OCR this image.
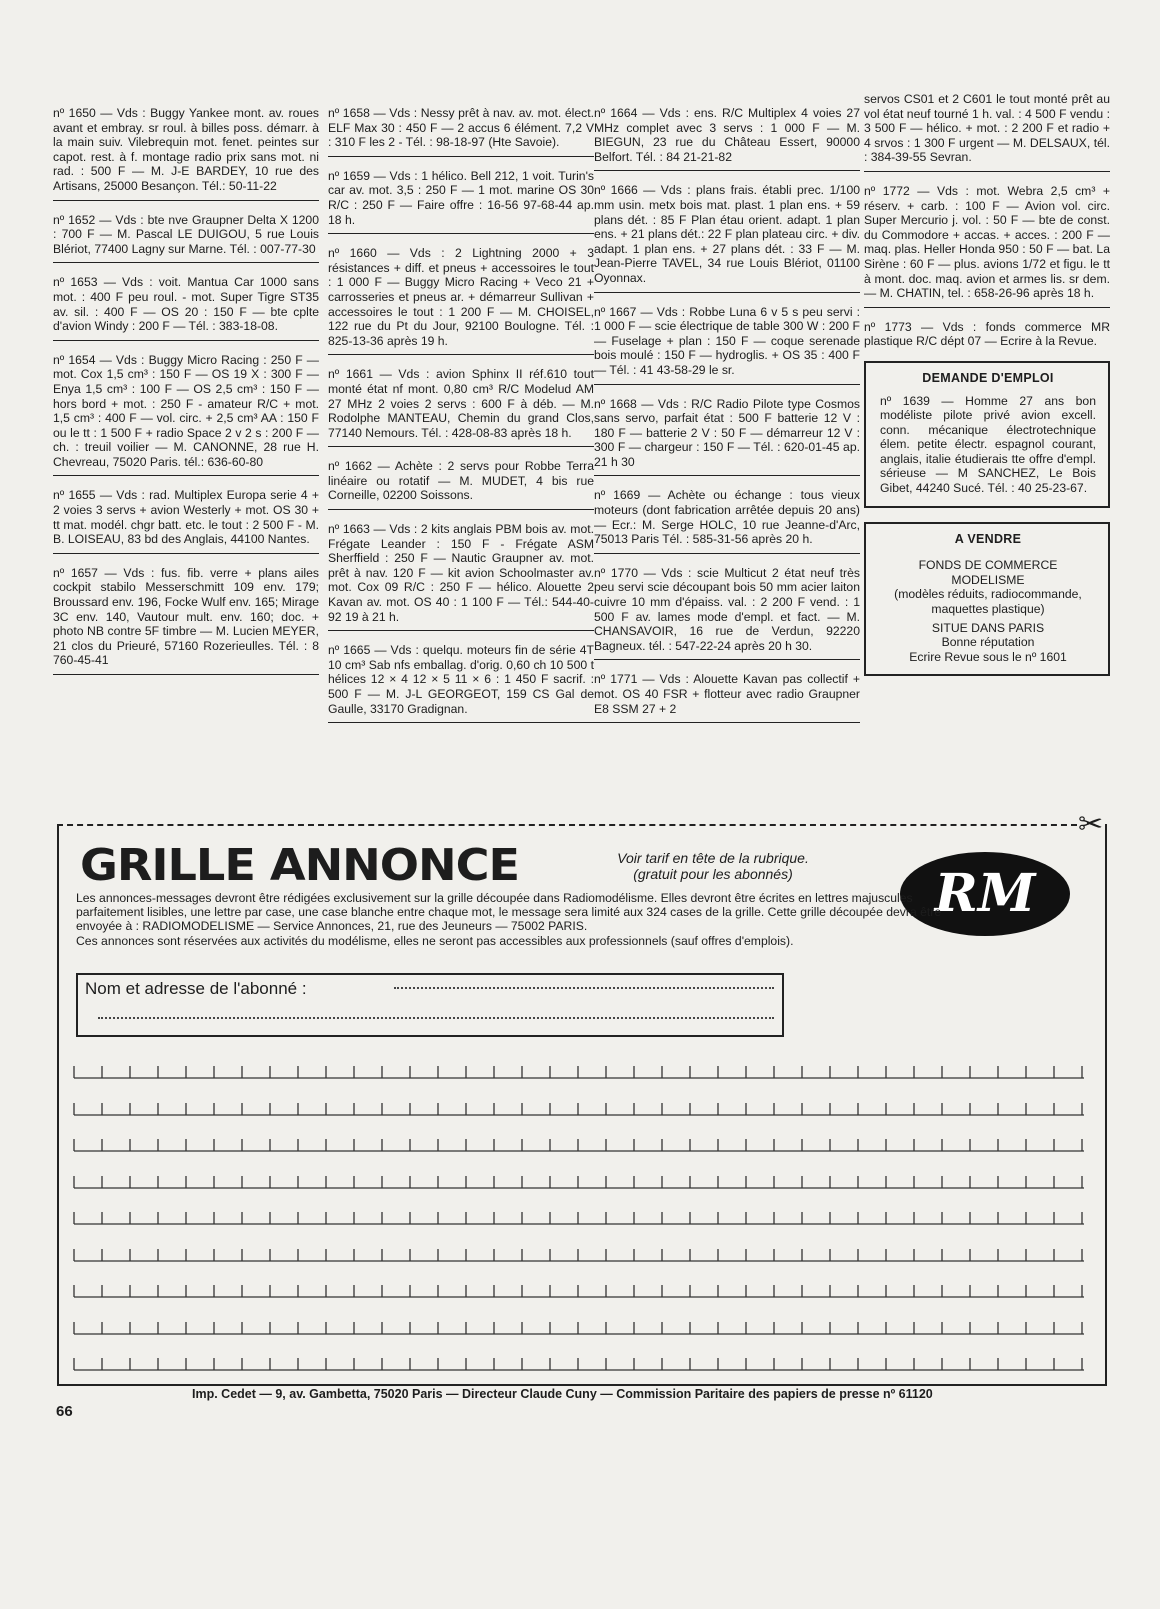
nº 1650 — Vds : Buggy Yankee mont. av. roues avant et embray. sr roul. à billes poss. démarr. à la main suiv. Vilebrequin mot. fenet. peintes sur capot. rest. à f. montage radio prix sans mot. ni rad. : 500 F — M. J-E BARDEY, 10 rue des Artisans, 25000 Besançon. Tél.: 50-11-22
nº 1652 — Vds : bte nve Graupner Delta X 1200 : 700 F — M. Pascal LE DUIGOU, 5 rue Louis Blériot, 77400 Lagny sur Marne. Tél. : 007-77-30
nº 1653 — Vds : voit. Mantua Car 1000 sans mot. : 400 F peu roul. - mot. Super Tigre ST35 av. sil. : 400 F — OS 20 : 150 F — bte cplte d'avion Windy : 200 F — Tél. : 383-18-08.
nº 1654 — Vds : Buggy Micro Racing : 250 F — mot. Cox 1,5 cm³ : 150 F — OS 19 X : 300 F — Enya 1,5 cm³ : 100 F — OS 2,5 cm³ : 150 F — hors bord + mot. : 250 F - amateur R/C + mot. 1,5 cm³ : 400 F — vol. circ. + 2,5 cm³ AA : 150 F ou le tt : 1 500 F + radio Space 2 v 2 s : 200 F — ch. : treuil voilier — M. CANONNE, 28 rue H. Chevreau, 75020 Paris. tél.: 636-60-80
nº 1655 — Vds : rad. Multiplex Europa serie 4 + 2 voies 3 servs + avion Westerly + mot. OS 30 + tt mat. modél. chgr batt. etc. le tout : 2 500 F - M. B. LOISEAU, 83 bd des Anglais, 44100 Nantes.
nº 1657 — Vds : fus. fib. verre + plans ailes cockpit stabilo Messerschmitt 109 env. 179; Broussard env. 196, Focke Wulf env. 165; Mirage 3C env. 140, Vautour mult. env. 160; doc. + photo NB contre 5F timbre — M. Lucien MEYER, 21 clos du Prieuré, 57160 Rozerieulles. Tél. : 8 760-45-41
nº 1658 — Vds : Nessy prêt à nav. av. mot. élect. ELF Max 30 : 450 F — 2 accus 6 élément. 7,2 V : 310 F les 2 - Tél. : 98-18-97 (Hte Savoie).
nº 1659 — Vds : 1 hélico. Bell 212, 1 voit. Turin's car av. mot. 3,5 : 250 F — 1 mot. marine OS 30 R/C : 250 F — Faire offre : 16-56 97-68-44 ap. 18 h.
nº 1660 — Vds : 2 Lightning 2000 + 3 résistances + diff. et pneus + accessoires le tout : 1 000 F — Buggy Micro Racing + Veco 21 + carrosseries et pneus ar. + démarreur Sullivan + accessoires le tout : 1 200 F — M. CHOISEL, 122 rue du Pt du Jour, 92100 Boulogne. Tél. : 825-13-36 après 19 h.
nº 1661 — Vds : avion Sphinx II réf.610 tout monté état nf mont. 0,80 cm³ R/C Modelud AM 27 MHz 2 voies 2 servs : 600 F à déb. — M. Rodolphe MANTEAU, Chemin du grand Clos, 77140 Nemours. Tél. : 428-08-83 après 18 h.
nº 1662 — Achète : 2 servs pour Robbe Terra linéaire ou rotatif — M. MUDET, 4 bis rue Corneille, 02200 Soissons.
nº 1663 — Vds : 2 kits anglais PBM bois av. mot. Frégate Leander : 150 F - Frégate ASM Sherffield : 250 F — Nautic Graupner av. mot. prêt à nav. 120 F — kit avion Schoolmaster av. mot. Cox 09 R/C : 250 F — hélico. Alouette 2 Kavan av. mot. OS 40 : 1 100 F — Tél.: 544-40-92 19 à 21 h.
nº 1665 — Vds : quelqu. moteurs fin de série 4T 10 cm³ Sab nfs emballag. d'orig. 0,60 ch 10 500 t hélices 12 × 4 12 × 5 11 × 6 : 1 450 F sacrif. : 500 F — M. J-L GEORGEOT, 159 CS Gal de Gaulle, 33170 Gradignan.
nº 1664 — Vds : ens. R/C Multiplex 4 voies 27 MHz complet avec 3 servs : 1 000 F — M. BIEGUN, 23 rue du Château Essert, 90000 Belfort. Tél. : 84 21-21-82
nº 1666 — Vds : plans frais. établi prec. 1/100 mm usin. metx bois mat. plast. 1 plan ens. + 59 plans dét. : 85 F Plan étau orient. adapt. 1 plan ens. + 21 plans dét.: 22 F plan plateau circ. + div. adapt. 1 plan ens. + 27 plans dét. : 33 F — M. Jean-Pierre TAVEL, 34 rue Louis Blériot, 01100 Oyonnax.
nº 1667 — Vds : Robbe Luna 6 v 5 s peu servi : 1 000 F — scie électrique de table 300 W : 200 F — Fuselage + plan : 150 F — coque serenade bois moulé : 150 F — hydroglis. + OS 35 : 400 F — Tél. : 41 43-58-29 le sr.
nº 1668 — Vds : R/C Radio Pilote type Cosmos sans servo, parfait état : 500 F batterie 12 V : 180 F — batterie 2 V : 50 F — démarreur 12 V : 300 F — chargeur : 150 F — Tél. : 620-01-45 ap. 21 h 30
nº 1669 — Achète ou échange : tous vieux moteurs (dont fabrication arrêtée depuis 20 ans) — Ecr.: M. Serge HOLC, 10 rue Jeanne-d'Arc, 75013 Paris Tél. : 585-31-56 après 20 h.
nº 1770 — Vds : scie Multicut 2 état neuf très peu servi scie découpant bois 50 mm acier laiton cuivre 10 mm d'épaiss. val. : 2 200 F vend. : 1 500 F av. lames mode d'empl. et fact. — M. CHANSAVOIR, 16 rue de Verdun, 92220 Bagneux. tél. : 547-22-24 après 20 h 30.
nº 1771 — Vds : Alouette Kavan pas collectif + mot. OS 40 FSR + flotteur avec radio Graupner E8 SSM 27 + 2
servos CS01 et 2 C601 le tout monté prêt au vol état neuf tourné 1 h. val. : 4 500 F vendu : 3 500 F — hélico. + mot. : 2 200 F et radio + 4 srvos : 1 300 F urgent — M. DELSAUX, tél. : 384-39-55 Sevran.
nº 1772 — Vds : mot. Webra 2,5 cm³ + réserv. + carb. : 100 F — Avion vol. circ. Super Mercurio j. vol. : 50 F — bte de const. du Commodore + accas. + acces. : 200 F — maq. plas. Heller Honda 950 : 50 F — bat. La Sirène : 60 F — plus. avions 1/72 et figu. le tt à mont. doc. maq. avion et armes lis. sr dem. — M. CHATIN, tel. : 658-26-96 après 18 h.
nº 1773 — Vds : fonds commerce MR plastique R/C dépt 07 — Ecrire à la Revue.
DEMANDE D'EMPLOI

nº 1639 — Homme 27 ans bon modéliste pilote privé avion excell. conn. mécanique électrotechnique élem. petite électr. espagnol courant, anglais, italie étudierais tte offre d'empl. sérieuse — M SANCHEZ, Le Bois Gibet, 44240 Sucé. Tél. : 40 25-23-67.

A VENDRE

FONDS DE COMMERCE

MODELISME

(modèles réduits, radiocommande, maquettes plastique)

SITUE DANS PARIS

Bonne réputation

Ecrire Revue sous le nº 1601

✂
GRILLE ANNONCE	Voir tarif en tête de la rubrique.
(gratuit pour les abonnés)	RM

Les annonces-messages devront être rédigées exclusivement sur la grille découpée dans Radiomodélisme. Elles devront être écrites en lettres majuscules parfaitement lisibles, une lettre par case, une case blanche entre chaque mot, le message sera limité aux 324 cases de la grille. Cette grille découpée devra être envoyée à : RADIOMODELISME — Service Annonces, 21, rue des Jeuneurs — 75002 PARIS.

Ces annonces sont réservées aux activités du modélisme, elles ne seront pas accessibles aux professionnels (sauf offres d'emplois).

Nom et adresse de l'abonné :
Imp. Cedet — 9, av. Gambetta, 75020 Paris — Directeur Claude Cuny — Commission Paritaire des papiers de presse nº 61120
66
